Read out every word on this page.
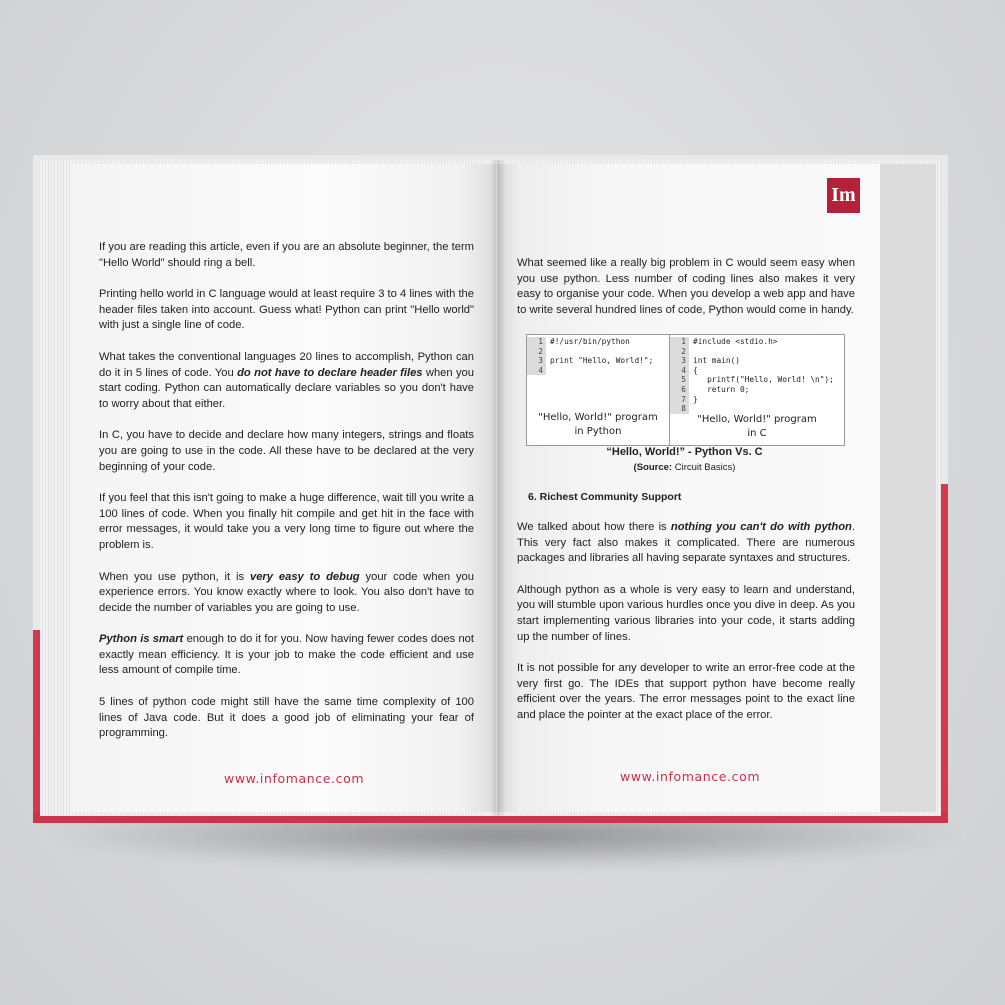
If you are reading this article, even if you are an absolute beginner, the term "Hello World" should ring a bell.

Printing hello world in C language would at least require 3 to 4 lines with the header files taken into account. Guess what! Python can print "Hello world" with just a single line of code.

What takes the conventional languages 20 lines to accomplish, Python can do it in 5 lines of code. You do not have to declare header files when you start coding. Python can automatically declare variables so you don't have to worry about that either.

In C, you have to decide and declare how many integers, strings and floats you are going to use in the code. All these have to be declared at the very beginning of your code.

If you feel that this isn't going to make a huge difference, wait till you write a 100 lines of code. When you finally hit compile and get hit in the face with error messages, it would take you a very long time to figure out where the problem is.

When you use python, it is very easy to debug your code when you experience errors. You know exactly where to look. You also don't have to decide the number of variables you are going to use.

Python is smart enough to do it for you. Now having fewer codes does not exactly mean efficiency. It is your job to make the code efficient and use less amount of compile time.

5 lines of python code might still have the same time complexity of 100 lines of Java code. But it does a good job of eliminating your fear of programming.

www.infomance.com
Im

What seemed like a really big problem in C would seem easy when you use python. Less number of coding lines also makes it very easy to organise your code. When you develop a web app and have to write several hundred lines of code, Python would come in handy.

1 #!/usr/bin/python
2
3 print "Hello, World!";
4
"Hello, World!" program
in Python
1 #include <stdio.h>
2
3 int main()
4 {
5 printf("Hello, World! \n");
6 return 0;
7 }
8
"Hello, World!" program
in C
“Hello, World!” - Python Vs. C
(Source: Circuit Basics)
6. Richest Community Support

We talked about how there is nothing you can't do with python. This very fact also makes it complicated. There are numerous packages and libraries all having separate syntaxes and structures.

Although python as a whole is very easy to learn and understand, you will stumble upon various hurdles once you dive in deep. As you start implementing various libraries into your code, it starts adding up the number of lines.

It is not possible for any developer to write an error-free code at the very first go. The IDEs that support python have become really efficient over the years. The error messages point to the exact line and place the pointer at the exact place of the error.

www.infomance.com
